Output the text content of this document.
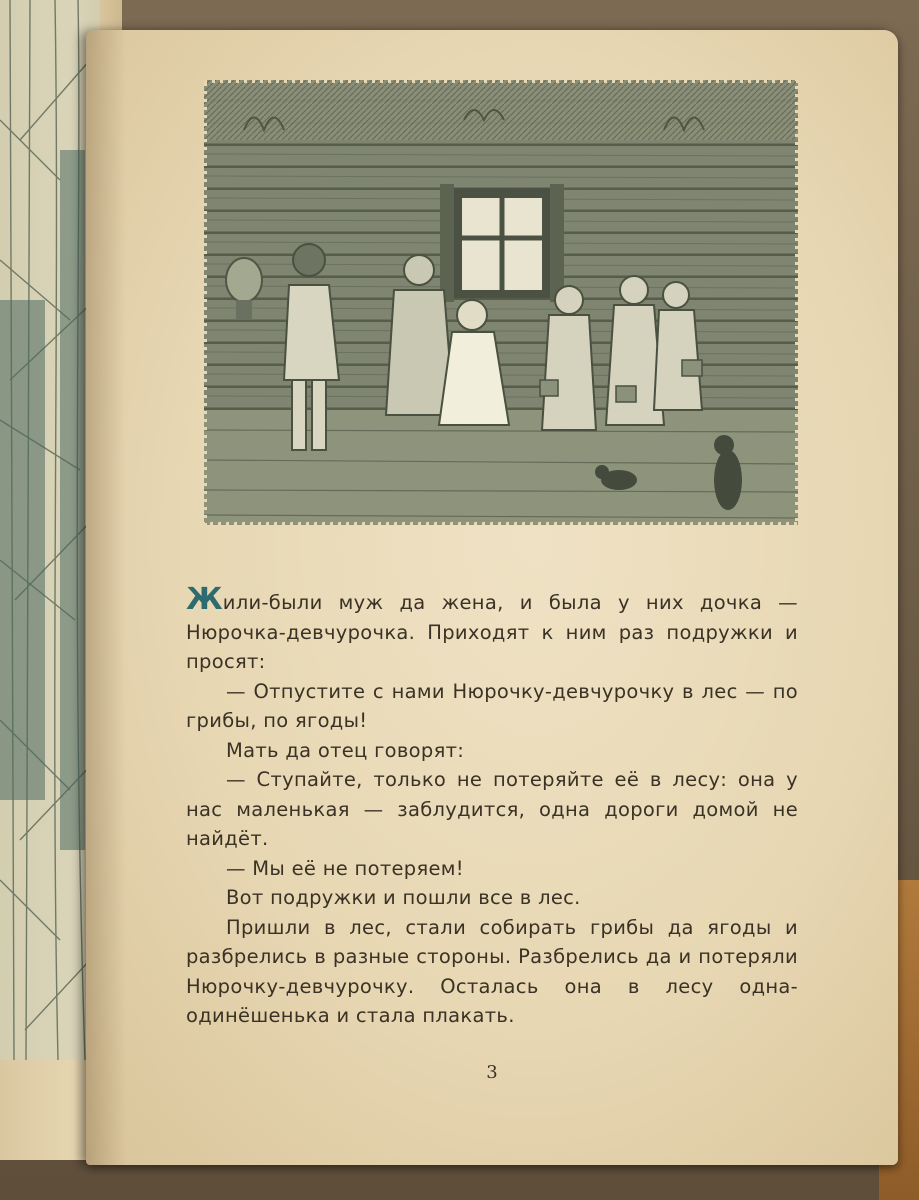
Жили-были муж да жена, и была у них дочка — Нюрочка-девчурочка. Приходят к ним раз подружки и просят:

— Отпустите с нами Нюрочку-девчурочку в лес — по грибы, по ягоды!

Мать да отец говорят:

— Ступайте, только не потеряйте её в лесу: она у нас маленькая — заблудится, одна дороги домой не найдёт.

— Мы её не потеряем!

Вот подружки и пошли все в лес.

Пришли в лес, стали собирать грибы да ягоды и разбрелись в разные стороны. Разбрелись да и потеряли Нюрочку-девчурочку. Осталась она в лесу одна-одинёшенька и стала плакать.

3
